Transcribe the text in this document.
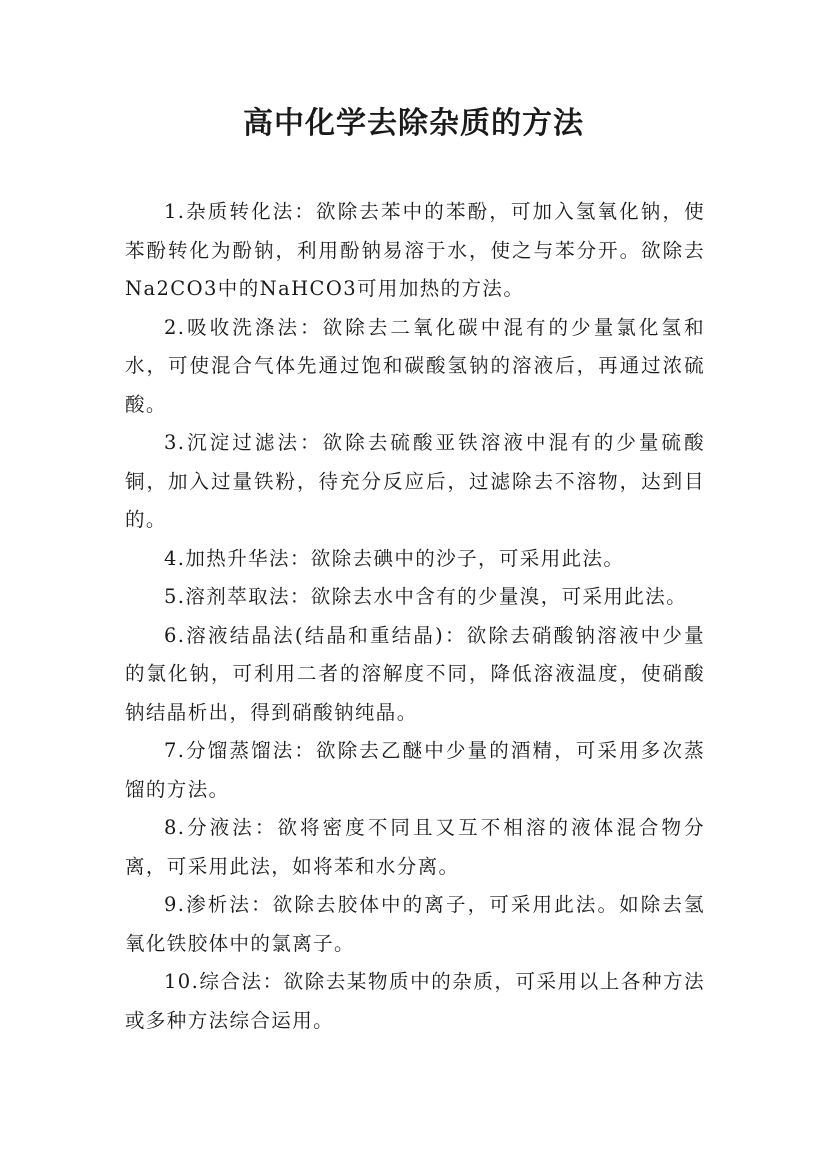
高中化学去除杂质的方法

1.杂质转化法：欲除去苯中的苯酚，可加入氢氧化钠，使苯酚转化为酚钠，利用酚钠易溶于水，使之与苯分开。欲除去Na2CO3中的NaHCO3可用加热的方法。

2.吸收洗涤法：欲除去二氧化碳中混有的少量氯化氢和水，可使混合气体先通过饱和碳酸氢钠的溶液后，再通过浓硫酸。

3.沉淀过滤法：欲除去硫酸亚铁溶液中混有的少量硫酸铜，加入过量铁粉，待充分反应后，过滤除去不溶物，达到目的。

4.加热升华法：欲除去碘中的沙子，可采用此法。

5.溶剂萃取法：欲除去水中含有的少量溴，可采用此法。

6.溶液结晶法(结晶和重结晶)：欲除去硝酸钠溶液中少量的氯化钠，可利用二者的溶解度不同，降低溶液温度，使硝酸钠结晶析出，得到硝酸钠纯晶。

7.分馏蒸馏法：欲除去乙醚中少量的酒精，可采用多次蒸馏的方法。

8.分液法：欲将密度不同且又互不相溶的液体混合物分离，可采用此法，如将苯和水分离。

9.渗析法：欲除去胶体中的离子，可采用此法。如除去氢氧化铁胶体中的氯离子。

10.综合法：欲除去某物质中的杂质，可采用以上各种方法或多种方法综合运用。
